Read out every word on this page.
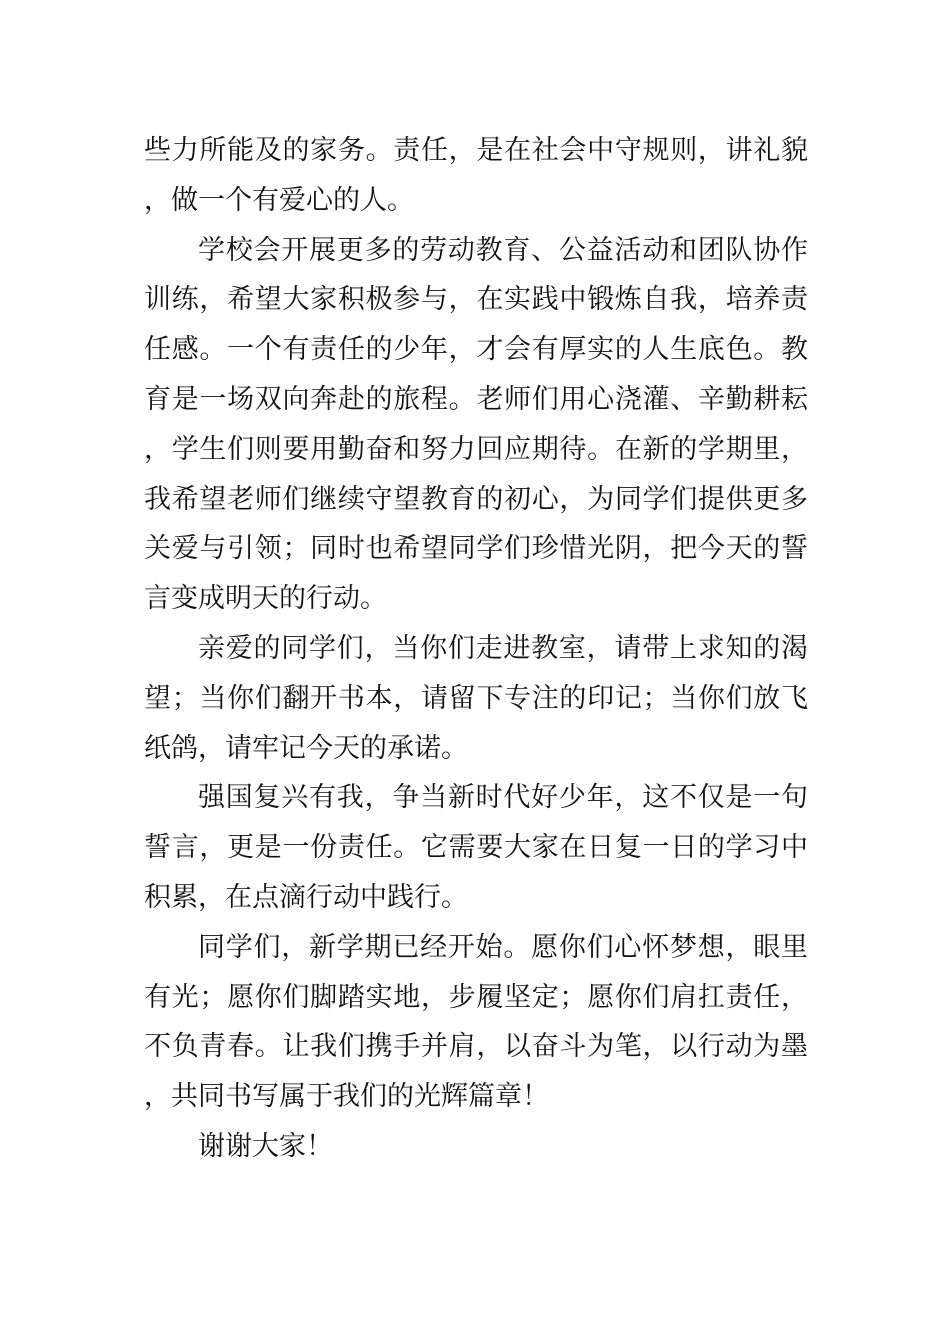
些力所能及的家务。责任，是在社会中守规则，讲礼貌，做一个有爱心的人。

学校会开展更多的劳动教育、公益活动和团队协作训练，希望大家积极参与，在实践中锻炼自我，培养责任感。一个有责任的少年，才会有厚实的人生底色。教育是一场双向奔赴的旅程。老师们用心浇灌、辛勤耕耘，学生们则要用勤奋和努力回应期待。在新的学期里，我希望老师们继续守望教育的初心，为同学们提供更多关爱与引领；同时也希望同学们珍惜光阴，把今天的誓言变成明天的行动。

亲爱的同学们，当你们走进教室，请带上求知的渴望；当你们翻开书本，请留下专注的印记；当你们放飞纸鸽，请牢记今天的承诺。

强国复兴有我，争当新时代好少年，这不仅是一句誓言，更是一份责任。它需要大家在日复一日的学习中积累，在点滴行动中践行。

同学们，新学期已经开始。愿你们心怀梦想，眼里有光；愿你们脚踏实地，步履坚定；愿你们肩扛责任，不负青春。让我们携手并肩，以奋斗为笔，以行动为墨，共同书写属于我们的光辉篇章！

谢谢大家！
